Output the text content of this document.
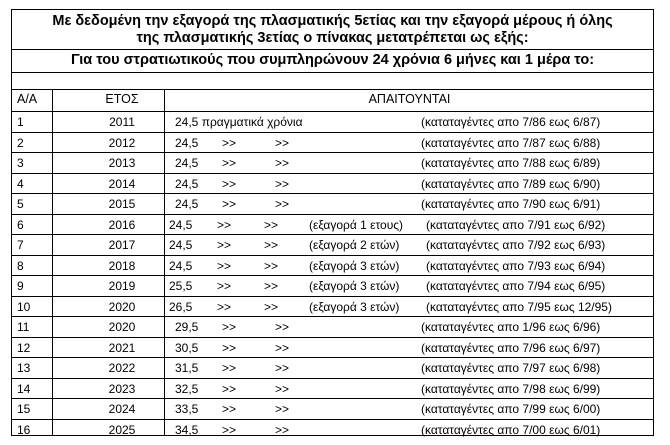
Με δεδομένη την εξαγορά της πλασματικής 5ετίας και την εξαγορά μέρους ή όλης
της πλασματικής 3ετίας ο πίνακας μετατρέπεται ως εξής:
Για του στρατιωτικούς που συμπληρώνουν 24 χρόνια 6 μήνες και 1 μέρα το:
Α/Α	ΕΤΟΣ	ΑΠΑΙΤΟΥΝΤΑΙ
1	2011	24,5 πραγματικά χρόνια	(καταταγέντες απο 7/86 εως 6/87)
2	2012	24,5 >>	>>	(καταταγέντες απο 7/87 εως 6/88)
3	2013	24,5 >>	>>	(καταταγέντες απο 7/88 εως 6/89)
4	2014	24,5 >>	>>	(καταταγέντες απο 7/89 εως 6/90)
5	2015	24,5 >>	>>	(καταταγέντες απο 7/90 εως 6/91)
6	2016	24,5 >>	>>	(εξαγορά 1 ετους) (καταταγέντες απο 7/91 εως 6/92)
7	2017	24,5 >>	>>	(εξαγορά 2 ετών) (καταταγέντες απο 7/92 εως 6/93)
8	2018	24,5 >>	>>	(εξαγορά 3 ετών) (καταταγέντες απο 7/93 εως 6/94)
9	2019	25,5 >>	>>	(εξαγορά 3 ετών) (καταταγέντες απο 7/94 εως 6/95)
10	2020	26,5 >>	>>	(εξαγορά 3 ετών) (καταταγέντες απο 7/95 εως 12/95)
11	2020	29,5 >>	>>	(καταταγέντες απο 1/96 εως 6/96)
12	2021	30,5 >>	>>	(καταταγέντες απο 7/96 εως 6/97)
13	2022	31,5 >>	>>	(καταταγέντες απο 7/97 εως 6/98)
14	2023	32,5 >>	>>	(καταταγέντες απο 7/98 εως 6/99)
15	2024	33,5 >>	>>	(καταταγέντες απο 7/99 εως 6/00)
16	2025	34,5 >>	>>	(καταταγέντες απο 7/00 εως 6/01)
